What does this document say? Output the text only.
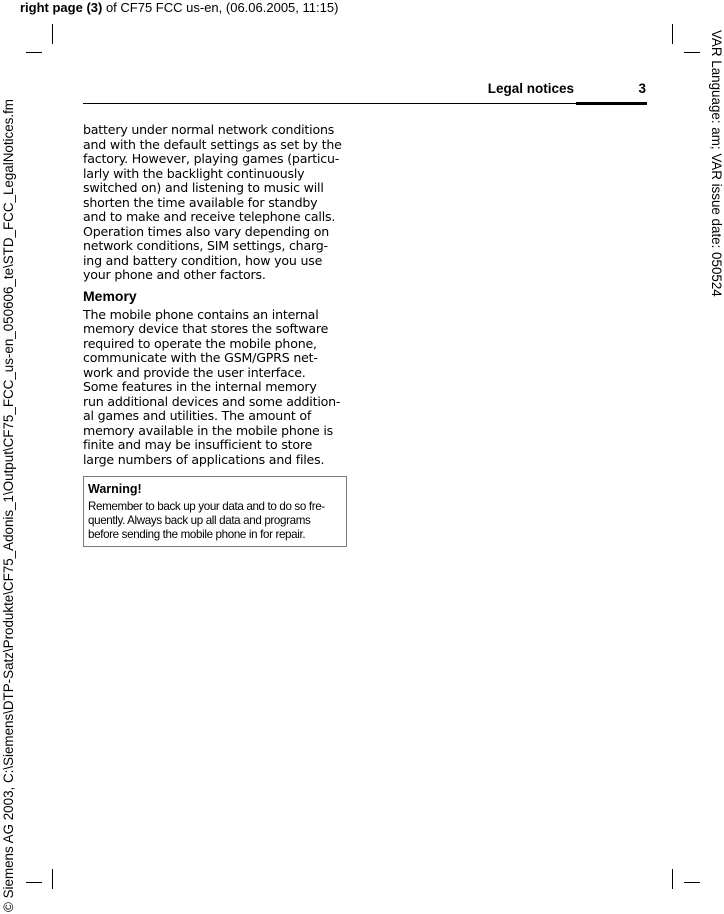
right page (3) of CF75 FCC us-en, (06.06.2005, 11:15)
© Siemens AG 2003, C:\Siemens\DTP-Satz\Produkte\CF75_Adonis_1\Output\CF75_FCC_us-en_050606_te\STD_FCC_LegalNotices.fm	VAR Language: am; VAR issue date: 050524
Legal notices	3

battery under normal network conditions
and with the default settings as set by the
factory. However, playing games (particu-
larly with the backlight continuously
switched on) and listening to music will
shorten the time available for standby
and to make and receive telephone calls.
Operation times also vary depending on
network conditions, SIM settings, charg-
ing and battery condition, how you use
your phone and other factors.

Memory

The mobile phone contains an internal
memory device that stores the software
required to operate the mobile phone,
communicate with the GSM/GPRS net-
work and provide the user interface.
Some features in the internal memory
run additional devices and some addition-
al games and utilities. The amount of
memory available in the mobile phone is
finite and may be insufficient to store
large numbers of applications and files.

Warning!

Remember to back up your data and to do so fre-
quently. Always back up all data and programs
before sending the mobile phone in for repair.
